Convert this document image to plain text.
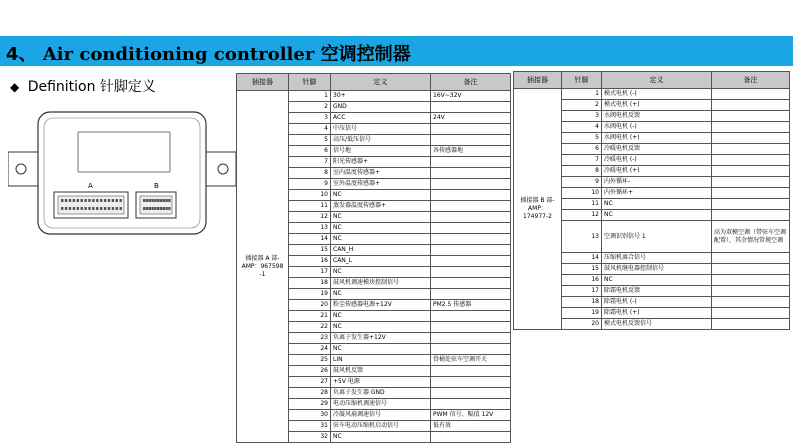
4、 Air conditioning controller 空调控制器
◆ Definition 针脚定义
A	B
插接器	针脚	定义	备注
插接器 A 部- AMP：967598 -1	1	30+	16V~32V
	2	GND	
	3	ACC	24V
	4	中压信号	
	5	高压/低压信号	
	6	信号地	各传感器地
	7	阳光传感器+	
	8	室内温度传感器+	
	9	室外温度传感器+	
	10	NC	
	11	蒸发器温度传感器+	
	12	NC	
	13	NC	
	14	NC	
	15	CAN_H	
	16	CAN_L	
	17	NC	
	18	鼓风机调速模块控制信号	
	19	NC	
	20	粉尘传感器电源+12V	PM2.5 传感器
	21	NC	
	22	NC	
	23	负离子发生器+12V	
	24	NC	
	25	LIN	骨桶处驻车空调开关
	26	鼓风机反馈	
	27	+5V 电源	
	28	负离子发生器 GND	
	29	电动压缩机调速信号	
	30	冷凝风扇调速信号	PWM 信号、幅值 12V
	31	驻车电动压缩机启动信号	低有效
	32	NC	
插接器	针脚	定义	备注
插接器 B 部- AMP： 174977-2	1	模式电机 (-)	
	2	模式电机 (+)	
	3	水阀电机反馈	
	4	水阀电机 (-)	
	5	水阀电机 (+)	
	6	冷暖电机反馈	
	7	冷暖电机 (-)	
	8	冷暖电机 (+)	
	9	内外循环-	
	10	内外循环+	
	11	NC	
	12	NC	
	13	空调识别信号 1	高为双模空调（带驻车空调配置），其余情况常规空调
	14	压缩机离合信号	
	15	鼓风机继电器控制信号	
	16	NC	
	17	除霜电机反馈	
	18	除霜电机 (-)	
	19	除霜电机 (+)	
	20	模式电机反馈信号	
